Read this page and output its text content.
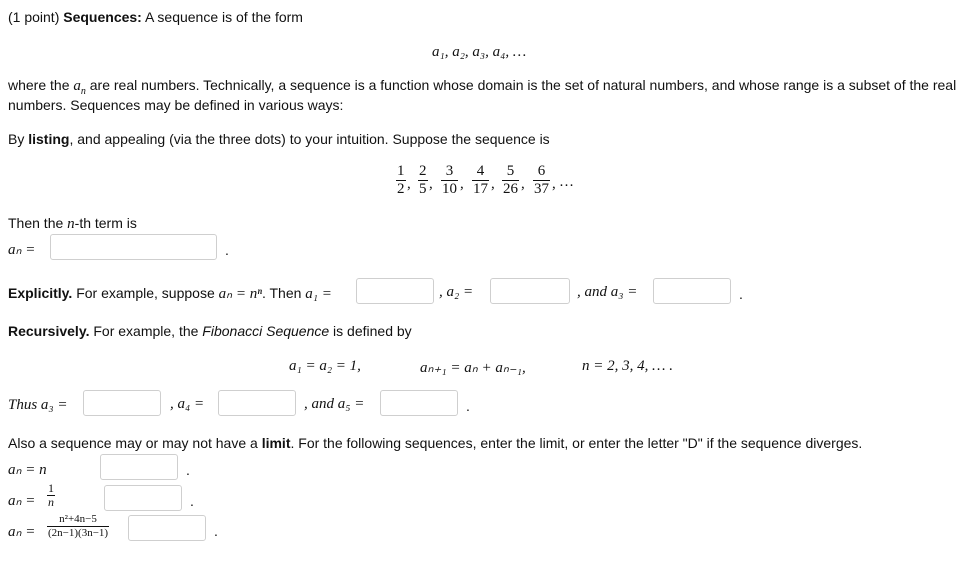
(1 point) Sequences: A sequence is of the form
a₁, a₂, a₃, a₄, …
where the $a_n$ are real numbers. Technically, a sequence is a function whose domain is the set of natural numbers, and whose range is a subset of the real
numbers. Sequences may be defined in various ways:
By listing, and appealing (via the three dots) to your intuition. Suppose the sequence is
$\frac{1}{2}$ , $\frac{2}{5}$ , $\frac{3}{10}$ , $\frac{4}{17}$ , $\frac{5}{26}$ , $\frac{6}{37}$ , …
Then the n-th term is
aₙ =	.
Explicitly. For example, suppose aₙ = nⁿ. Then a₁ =	, a₂ =	, and a₃ =	.
Recursively. For example, the Fibonacci Sequence is defined by
a₁ = a₂ = 1,	aₙ₊₁ = aₙ + aₙ₋₁,	n = 2, 3, 4, … .
Thus a₃ =	, a₄ =	, and a₅ =	.
Also a sequence may or may not have a limit. For the following sequences, enter the limit, or enter the letter "D" if the sequence diverges.
aₙ = n	.
$a_n = \frac{1}{n}$	.
$a_n = \frac{\text{n²+4n−5}}{(2n-1)(3n-1)}$	.
